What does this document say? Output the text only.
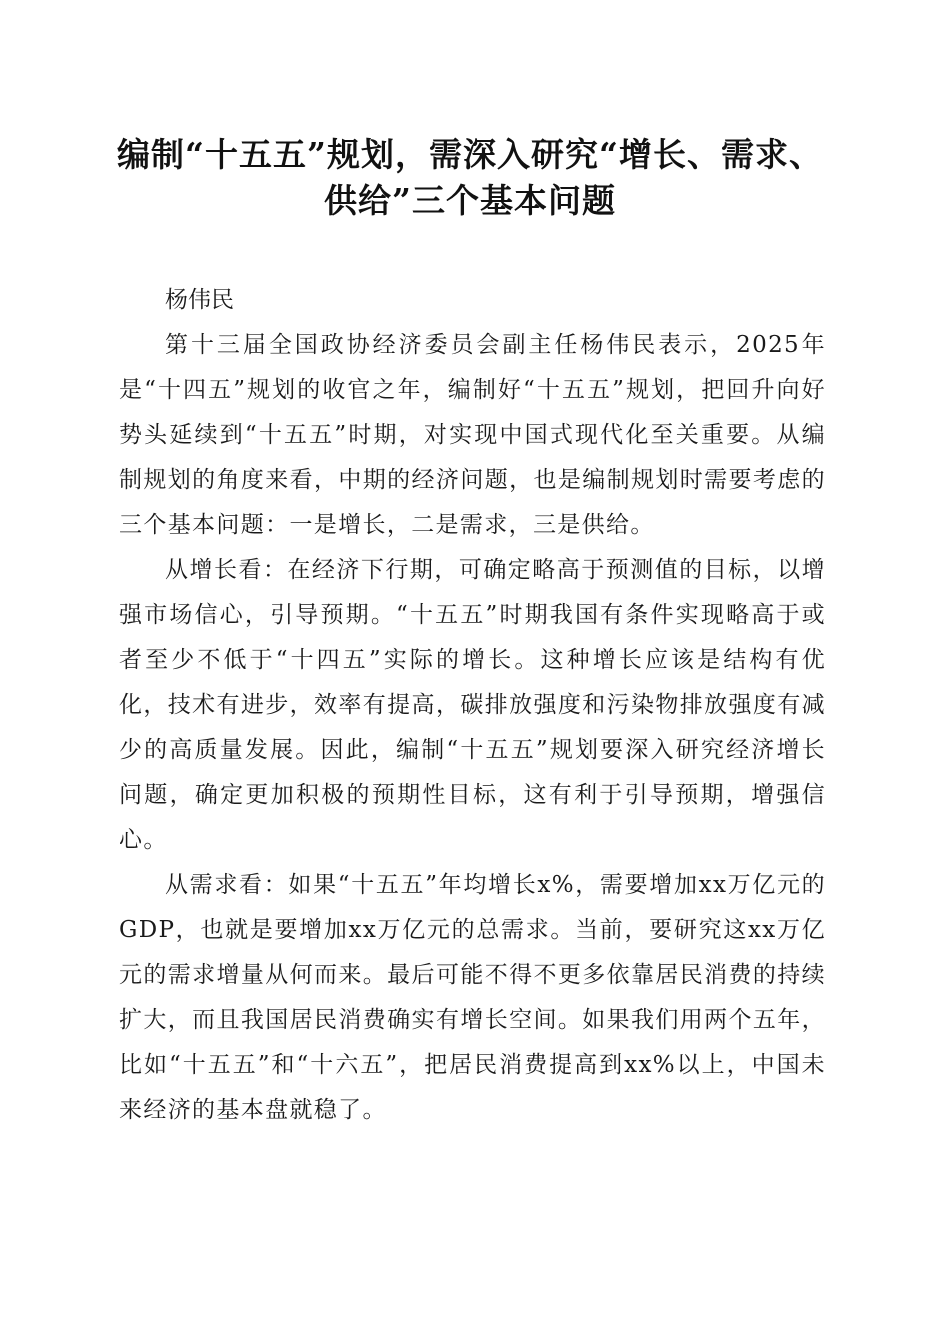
编制“十五五”规划，需深入研究“增长、需求、供给”三个基本问题

杨伟民

第十三届全国政协经济委员会副主任杨伟民表示，2025年是“十四五”规划的收官之年，编制好“十五五”规划，把回升向好势头延续到“十五五”时期，对实现中国式现代化至关重要。从编制规划的角度来看，中期的经济问题，也是编制规划时需要考虑的三个基本问题：一是增长，二是需求，三是供给。

从增长看：在经济下行期，可确定略高于预测值的目标，以增强市场信心，引导预期。“十五五”时期我国有条件实现略高于或者至少不低于“十四五”实际的增长。这种增长应该是结构有优化，技术有进步，效率有提高，碳排放强度和污染物排放强度有减少的高质量发展。因此，编制“十五五”规划要深入研究经济增长问题，确定更加积极的预期性目标，这有利于引导预期，增强信心。

从需求看：如果“十五五”年均增长x%，需要增加xx万亿元的GDP，也就是要增加xx万亿元的总需求。当前，要研究这xx万亿元的需求增量从何而来。最后可能不得不更多依靠居民消费的持续扩大，而且我国居民消费确实有增长空间。如果我们用两个五年，比如“十五五”和“十六五”，把居民消费提高到xx%以上，中国未来经济的基本盘就稳了。
